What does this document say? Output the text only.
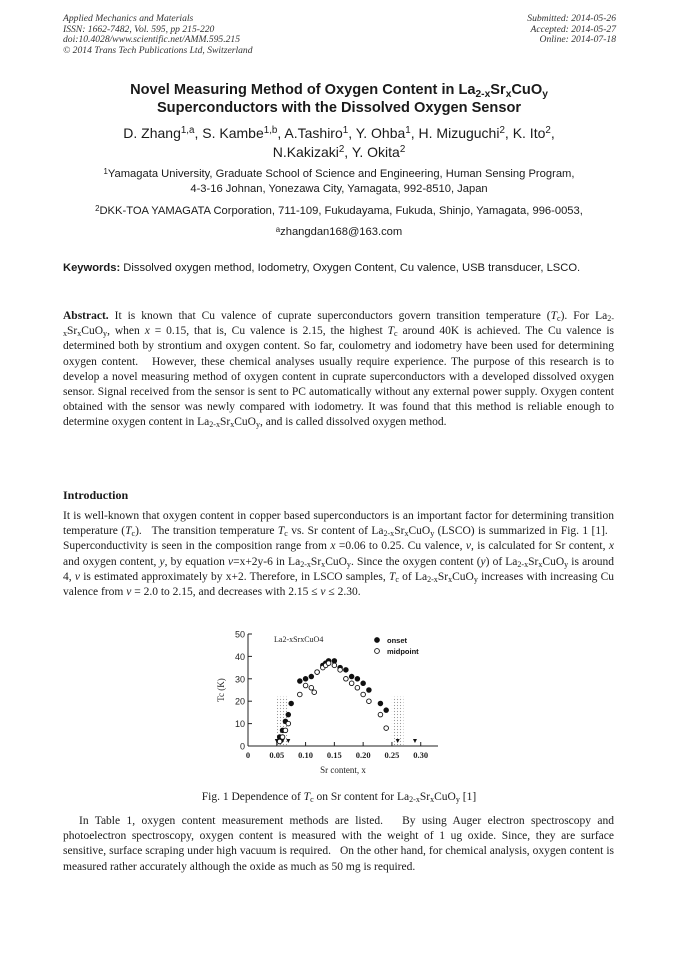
Applied Mechanics and Materials
ISSN: 1662-7482, Vol. 595, pp 215-220
doi:10.4028/www.scientific.net/AMM.595.215
© 2014 Trans Tech Publications Ltd, Switzerland
Submitted: 2014-05-26
Accepted: 2014-05-27
Online: 2014-07-18
Novel Measuring Method of Oxygen Content in $La_{2-x}Sr_xCuO_y$
Superconductors with the Dissolved Oxygen Sensor
D. Zhang$^{1,a}$, S. Kambe$^{1,b}$, A.Tashiro$^1$, Y. Ohba$^1$, H. Mizuguchi$^2$, K. Ito$^2$,
N.Kakizaki$^2$, Y. Okita$^2$
$^1$Yamagata University, Graduate School of Science and Engineering, Human Sensing Program,
4-3-16 Johnan, Yonezawa City, Yamagata, 992-8510, Japan
$^2$DKK-TOA YAMAGATA Corporation, 711-109, Fukudayama, Fukuda, Shinjo, Yamagata, 996-0053,
$^a$zhangdan168@163.com
Keywords: Dissolved oxygen method, Iodometry, Oxygen Content, Cu valence, USB transducer, LSCO.
Abstract. It is known that Cu valence of cuprate superconductors govern transition temperature $(T_c)$. For $La_{2-x}Sr_xCuO_y$, when x = 0.15, that is, Cu valence is 2.15, the highest $T_c$ around 40K is achieved. The Cu valence is determined both by strontium and oxygen content. So far, coulometry and iodometry have been used for determining oxygen content.   However, these chemical analyses usually require experience. The purpose of this research is to develop a novel measuring method of oxygen content in cuprate superconductors with a developed dissolved oxygen sensor. Signal received from the sensor is sent to PC automatically without any external power supply. Oxygen content obtained with the sensor was newly compared with iodometry. It was found that this method is reliable enough to determine oxygen content in $La_{2-x}Sr_xCuO_y$, and is called dissolved oxygen method.
Introduction
It is well-known that oxygen content in copper based superconductors is an important factor for determining transition temperature $(T_c)$.   The transition temperature $T_c$ vs. Sr content of $La_{2-x}Sr_xCuO_y$ (LSCO) is summarized in Fig. 1 [1].   Superconductivity is seen in the composition range from x =0.06 to 0.25. Cu valence, v, is calculated for Sr content, x and oxygen content, y, by equation v=x+2y-6 in $La_{2-x}Sr_xCuO_y$. Since the oxygen content (y) of $La_{2-x}Sr_xCuO_y$ is around 4, v is estimated approximately by x+2. Therefore, in LSCO samples, $T_c$ of $La_{2-x}Sr_xCuO_y$ increases with increasing Cu valence from v = 2.0 to 2.15, and decreases with 2.15 ≤ v ≤ 2.30.
0
10
20
30
40
50
0 0.05 0.10 0.15 0.20 0.25 0.30
Sr content, x
Tc (K)
La2-xSrxCuO4	onset
midpoint
Fig. 1 Dependence of $T_c$ on Sr content for $La_{2-x}Sr_xCuO_y$ [1]
In Table 1, oxygen content measurement methods are listed.   By using Auger electron spectroscopy and photoelectron spectroscopy, oxygen content is measured with the weight of 1 ug oxide. Since, they are surface sensitive, surface scraping under high vacuum is required.   On the other hand, for chemical analysis, oxygen content is measured rather accurately although the oxide as much as 50 mg is required.
